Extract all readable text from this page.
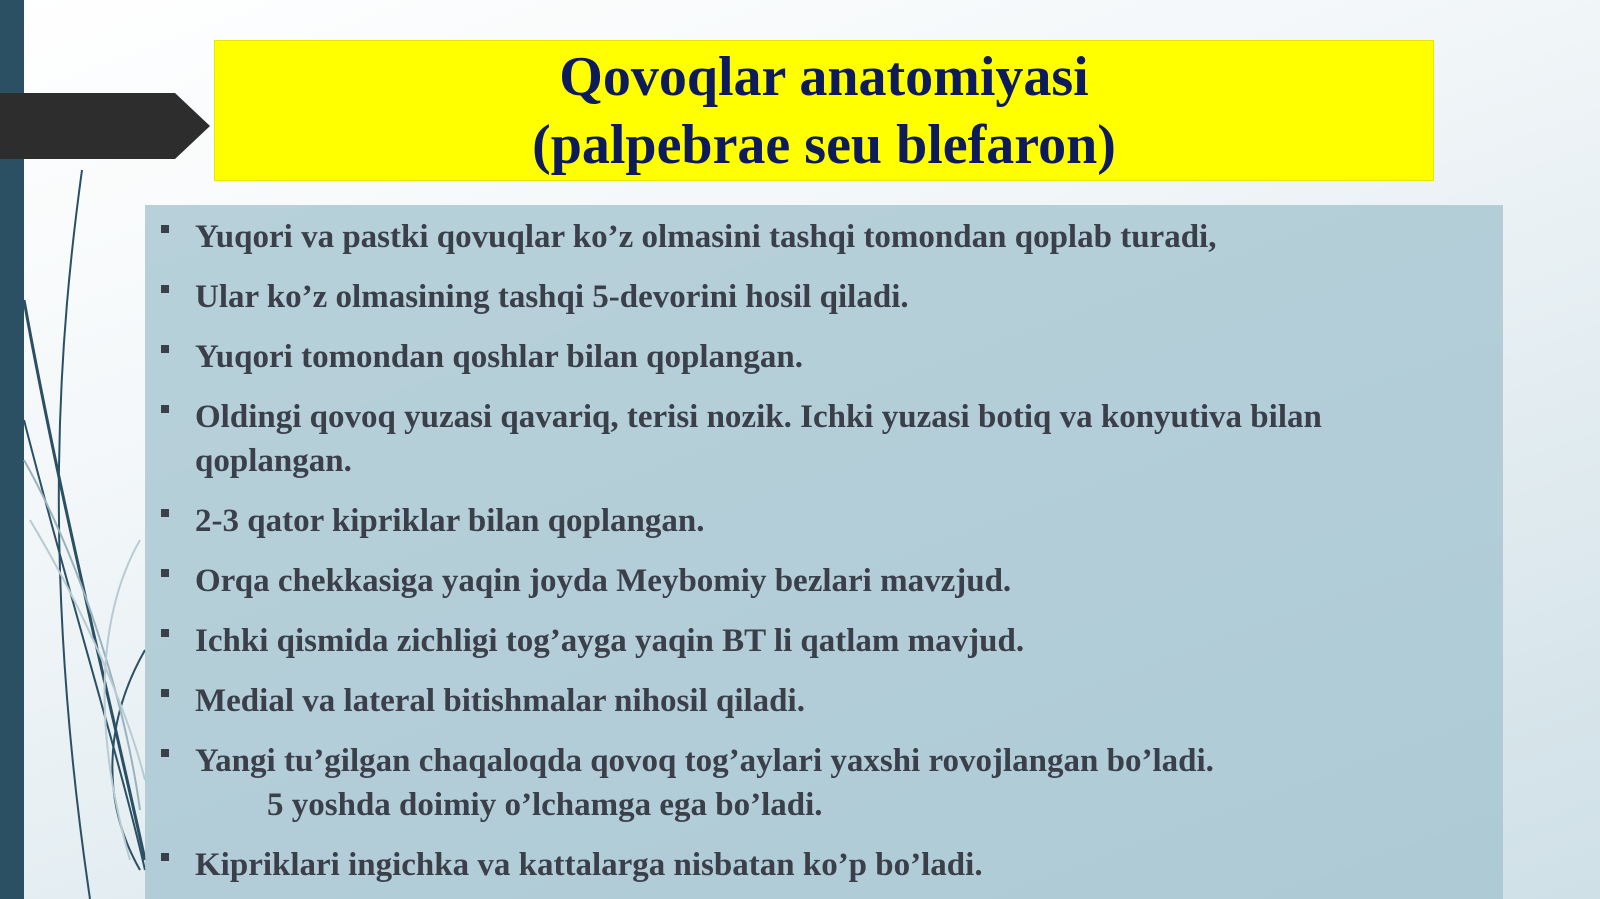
Qovoqlar anatomiyasi
(palpebrae seu blefaron)
Yuqori va pastki qovuqlar ko’z olmasini tashqi tomondan qoplab turadi,
Ular ko’z olmasining tashqi 5-devorini hosil qiladi.
Yuqori tomondan qoshlar bilan qoplangan.
Oldingi qovoq yuzasi qavariq, terisi nozik. Ichki yuzasi botiq va konyutiva bilan qoplangan.
2-3 qator kipriklar bilan qoplangan.
Orqa chekkasiga yaqin joyda Meybomiy bezlari mavzjud.
Ichki qismida zichligi tog’ayga yaqin BT li qatlam mavjud.
Medial va lateral bitishmalar nihosil qiladi.
Yangi tu’gilgan chaqaloqda qovoq tog’aylari yaxshi rovojlangan bo’ladi.
5 yoshda doimiy o’lchamga ega bo’ladi.
Kipriklari ingichka va kattalarga nisbatan ko’p bo’ladi.
